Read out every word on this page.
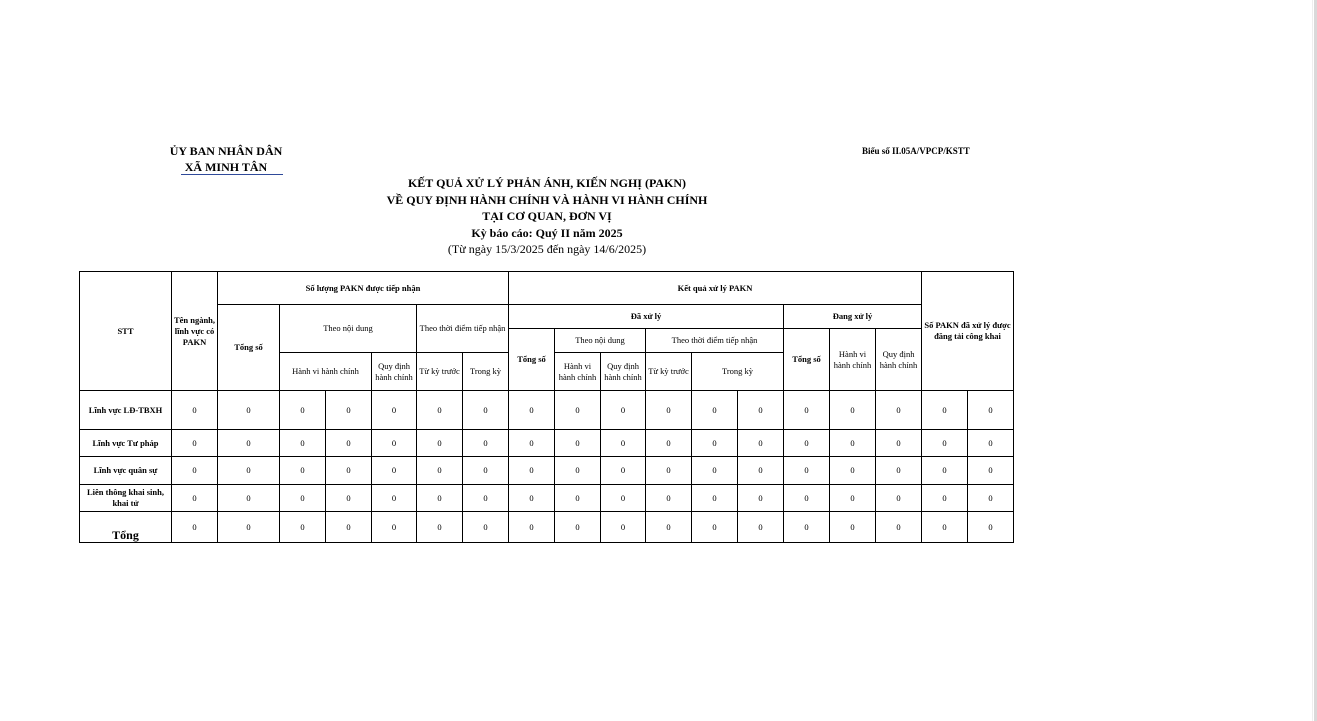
ỦY BAN NHÂN DÂN
XÃ MINH TÂN
Biểu số II.05A/VPCP/KSTT
KẾT QUẢ XỬ LÝ PHẢN ÁNH, KIẾN NGHỊ (PAKN)
VỀ QUY ĐỊNH HÀNH CHÍNH VÀ HÀNH VI HÀNH CHÍNH
TẠI CƠ QUAN, ĐƠN VỊ
Kỳ báo cáo: Quý II năm 2025
(Từ ngày 15/3/2025 đến ngày 14/6/2025)
STT	Tên ngành, lĩnh vực có PAKN	Số lượng PAKN được tiếp nhận						Kết quả xử lý PAKN									Số PAKN đã xử lý được đăng tải công khai	
		Tổng số	Theo nội dung			Theo thời điểm tiếp nhận		Đã xử lý						Đang xử lý				
								Tổng số	Theo nội dung		Theo thời điểm tiếp nhận			Tổng số	Hành vi hành chính	Quy định hành chính		
			Hành vi hành chính		Quy định hành chính	Từ kỳ trước	Trong kỳ		Hành vi hành chính	Quy định hành chính	Từ kỳ trước	Trong kỳ						
Lĩnh vực LĐ-TBXH	0	0	0	0	0	0	0	0	0	0	0	0	0	0	0	0	0	0
Lĩnh vực Tư pháp	0	0	0	0	0	0	0	0	0	0	0	0	0	0	0	0	0	0
Lĩnh vực quân sự	0	0	0	0	0	0	0	0	0	0	0	0	0	0	0	0	0	0
Liên thông khai sinh, khai tử	0	0	0	0	0	0	0	0	0	0	0	0	0	0	0	0	0	0
Tổng	0	0	0	0	0	0	0	0	0	0	0	0	0	0	0	0	0	0
